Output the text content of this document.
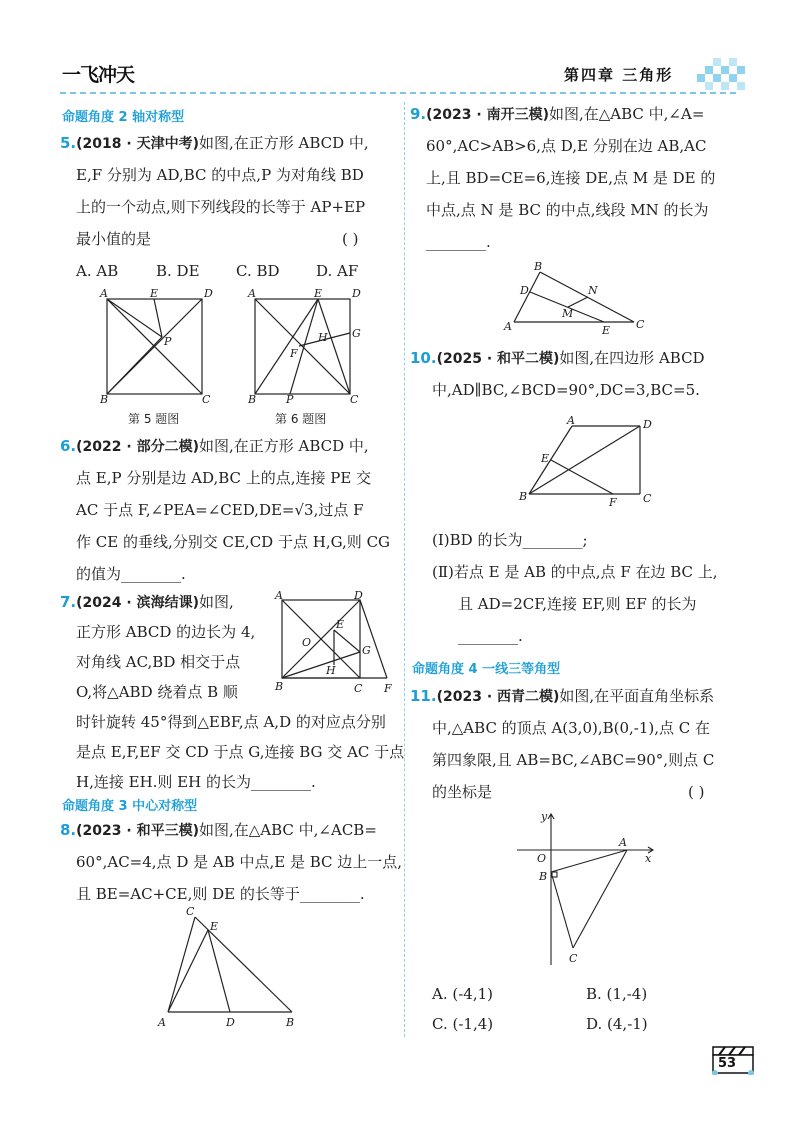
一飞冲天	第四章 三角形
命题角度 2 轴对称型
5.(2018 · 天津中考)如图,在正方形 ABCD 中,
E,F 分别为 AD,BC 的中点,P 为对角线 BD
上的一个动点,则下列线段的长等于 AP+EP
最小值的是	( )
A. AB	B. DE C. BD D. AF
A	E	D
P
B	C
第 5 题图
A	E	D
H G
F
B	P	C
第 6 题图
6.(2022 · 部分二模)如图,在正方形 ABCD 中,
点 E,P 分别是边 AD,BC 上的点,连接 PE 交
AC 于点 F,∠PEA=∠CED,DE=√3,过点 F
作 CE 的垂线,分别交 CE,CD 于点 H,G,则 CG
的值为________.
7.(2024 · 滨海结课)如图,
正方形 ABCD 的边长为 4,
对角线 AC,BD 相交于点
O,将△ABD 绕着点 B 顺
时针旋转 45°得到△EBF,点 A,D 的对应点分别
是点 E,F,EF 交 CD 于点 G,连接 BG 交 AC 于点
H,连接 EH.则 EH 的长为________.
A	D
O
E
G
H
B	C F
命题角度 3 中心对称型
8.(2023 · 和平三模)如图,在△ABC 中,∠ACB=
60°,AC=4,点 D 是 AB 中点,E 是 BC 边上一点,
且 BE=AC+CE,则 DE 的长等于________.
C
E
A	D	B
9.(2023 · 南开三模)如图,在△ABC 中,∠A=
60°,AC>AB>6,点 D,E 分别在边 AB,AC
上,且 BD=CE=6,连接 DE,点 M 是 DE 的
中点,点 N 是 BC 的中点,线段 MN 的长为
________.
B
D	N
M
A	E C
10.(2025 · 和平二模)如图,在四边形 ABCD
中,AD∥BC,∠BCD=90°,DC=3,BC=5.
A	D
E
B	F C
(Ⅰ)BD 的长为________;
(Ⅱ)若点 E 是 AB 的中点,点 F 在边 BC 上,
且 AD=2CF,连接 EF,则 EF 的长为
________.
命题角度 4 一线三等角型
11.(2023 · 西青二模)如图,在平面直角坐标系
中,△ABC 的顶点 A(3,0),B(0,-1),点 C 在
第四象限,且 AB=BC,∠ABC=90°,则点 C
的坐标是	( )
y
O
A
x
B
C
A. (-4,1)	B. (1,-4)
C. (-1,4)	D. (4,-1)
53
